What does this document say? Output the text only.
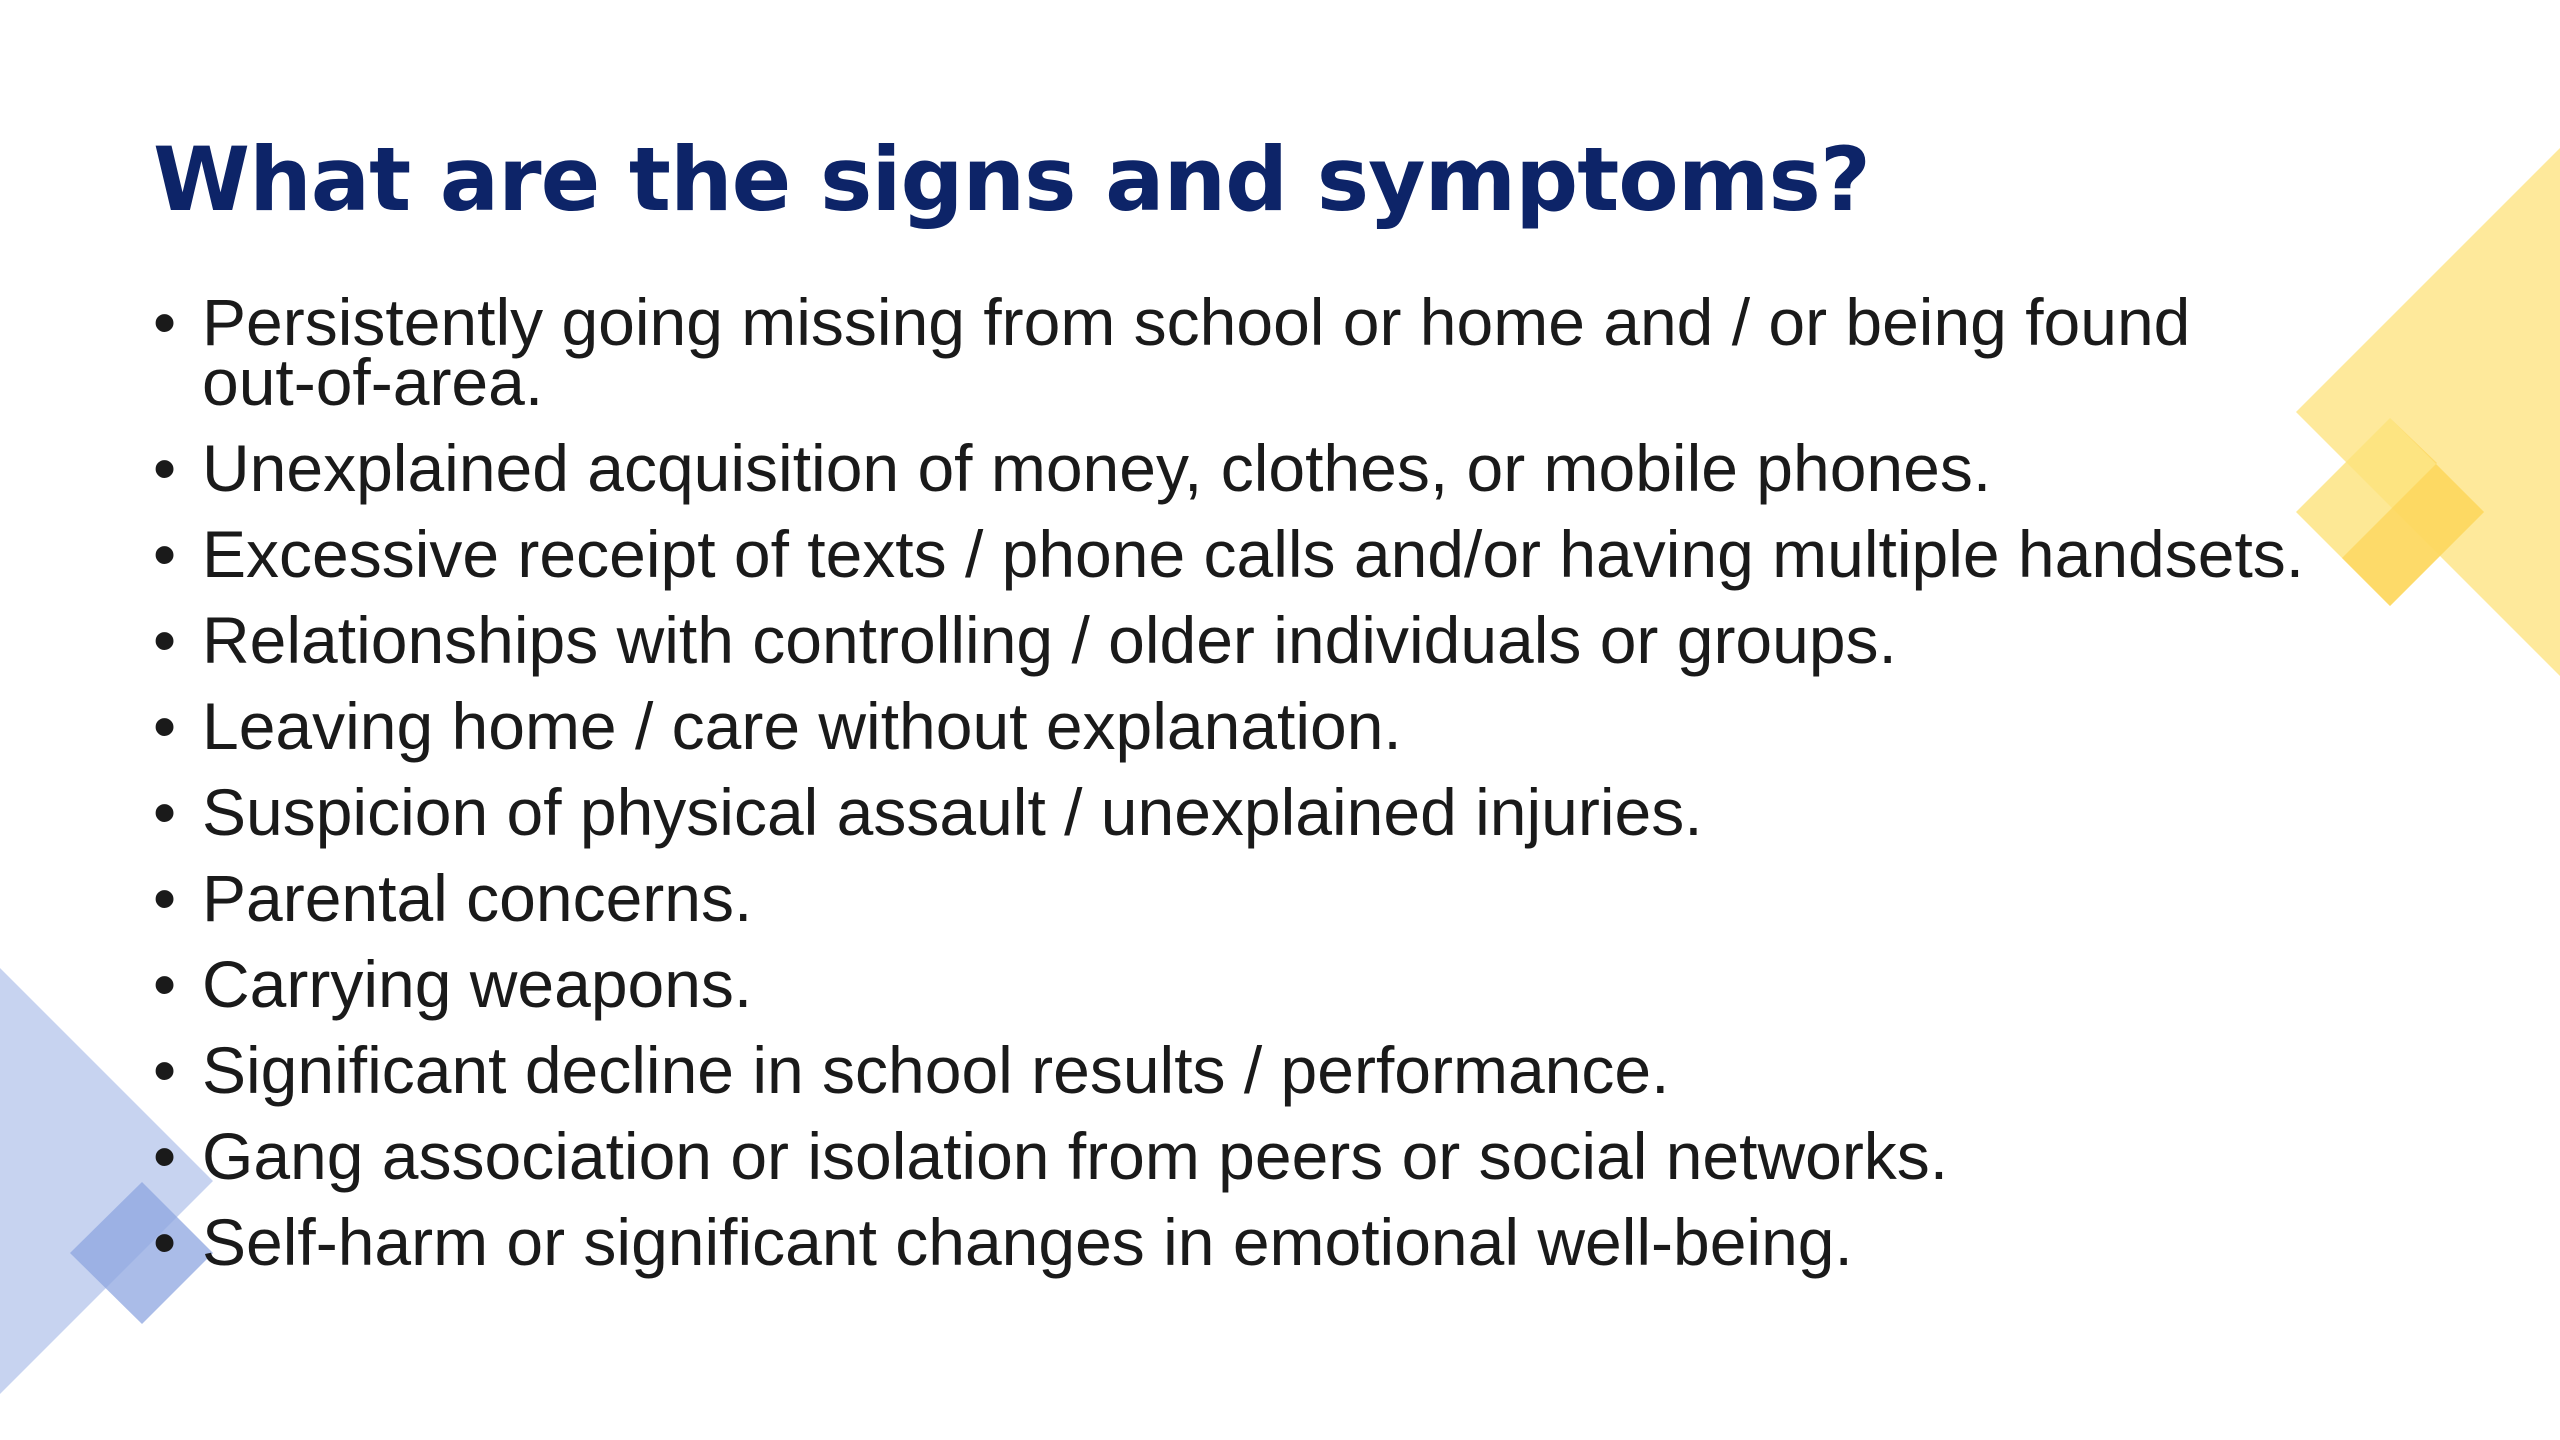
What are the signs and symptoms?
• Persistently going missing from school or home and / or being found out-of-area.
• Unexplained acquisition of money, clothes, or mobile phones.
• Excessive receipt of texts / phone calls and/or having multiple handsets.
• Relationships with controlling / older individuals or groups.
• Leaving home / care without explanation.
• Suspicion of physical assault / unexplained injuries.
• Parental concerns.
• Carrying weapons.
• Significant decline in school results / performance.
• Gang association or isolation from peers or social networks.
• Self-harm or significant changes in emotional well-being.
